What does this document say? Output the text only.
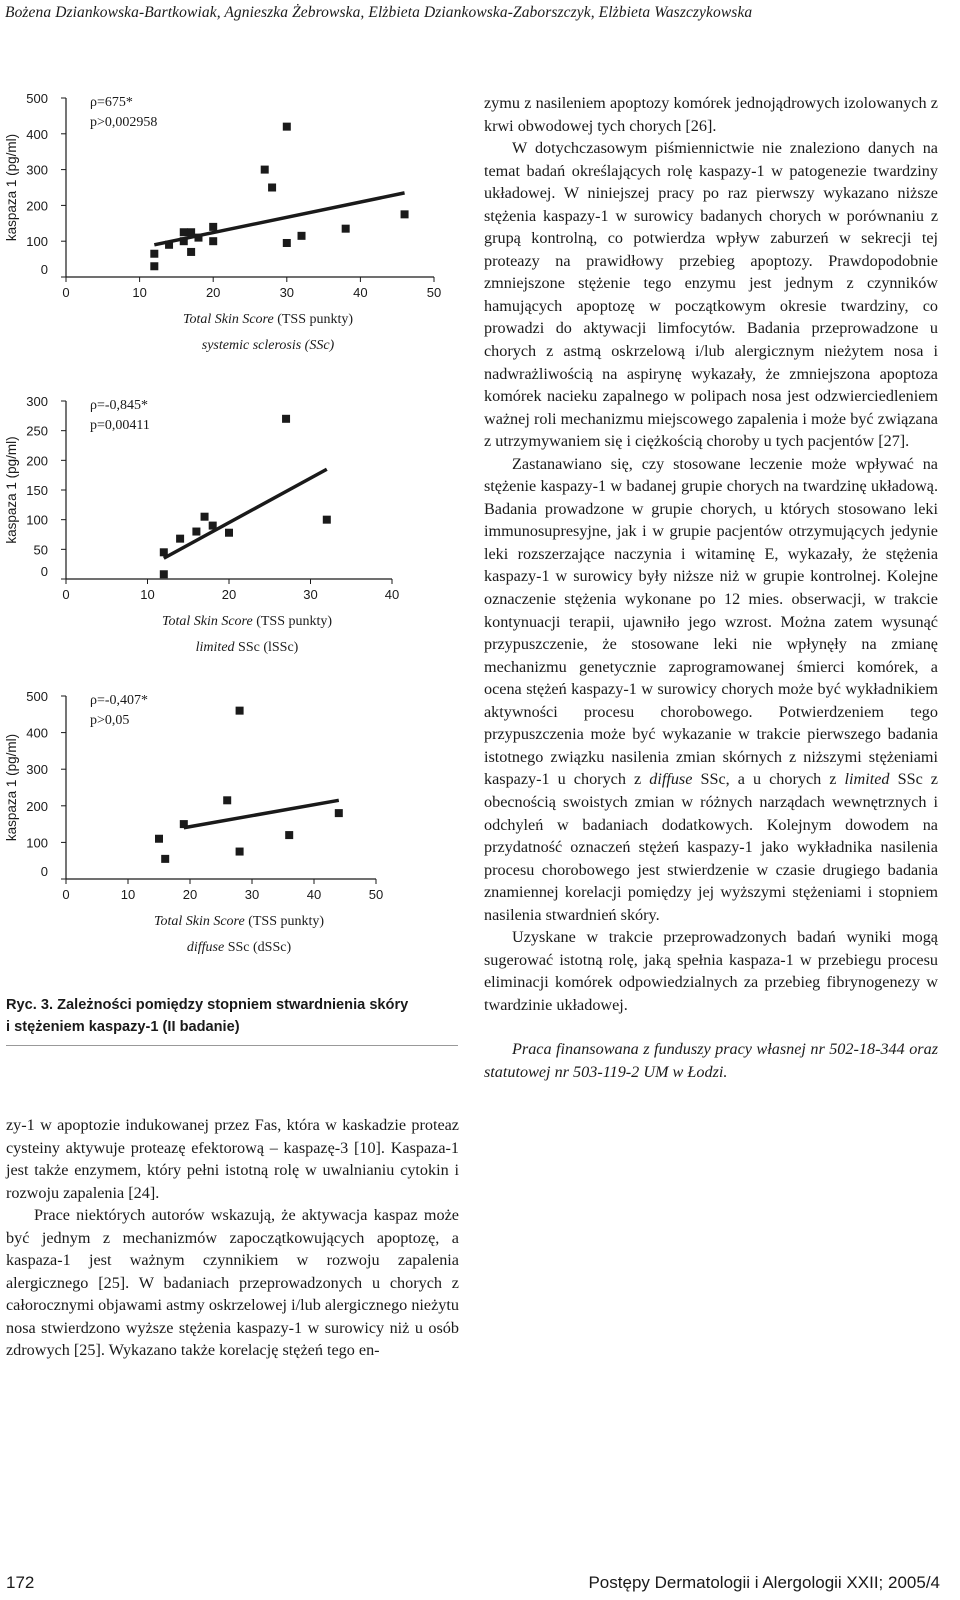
Bożena Dziankowska-Bartkowiak, Agnieszka Żebrowska, Elżbieta Dziankowska-Zaborszczyk, Elżbieta Waszczykowska
0
100
200
300
400
500
0	10	20	30	40	50
kaspaza 1 (pg/ml)
ρ=675*
p>0,002958
Total Skin Score (TSS punkty)
systemic sclerosis (SSc)
0
50
100
150
200
250
300
0	10	20	30	40
kaspaza 1 (pg/ml)
ρ=-0,845*
p=0,00411
Total Skin Score (TSS punkty)
limited SSc (lSSc)
0
100
200
300
400
500
0	10	20	30	40	50
kaspaza 1 (pg/ml)
ρ=-0,407*
p>0,05
Total Skin Score (TSS punkty)
diffuse SSc (dSSc)
Ryc. 3. Zależności pomiędzy stopniem stwardnienia skóry
i stężeniem kaspazy-1 (II badanie)

zy-1 w apoptozie indukowanej przez Fas, która w kaskadzie proteaz cysteiny aktywuje proteazę efektorową – kaspazę-3 [10]. Kaspaza-1 jest także enzymem, który pełni istotną rolę w uwalnianiu cytokin i rozwoju zapalenia [24].

Prace niektórych autorów wskazują, że aktywacja kaspaz może być jednym z mechanizmów zapoczątkowujących apoptozę, a kaspaza-1 jest ważnym czynnikiem w rozwoju zapalenia alergicznego [25]. W badaniach przeprowadzonych u chorych z całorocznymi objawami astmy oskrzelowej i/lub alergicznego nieżytu nosa stwierdzono wyższe stężenia kaspazy-1 w surowicy niż u osób zdrowych [25]. Wykazano także korelację stężeń tego en-

zymu z nasileniem apoptozy komórek jednojądrowych izolowanych z krwi obwodowej tych chorych [26].

W dotychczasowym piśmiennictwie nie znaleziono danych na temat badań określających rolę kaspazy-1 w patogenezie twardziny układowej. W niniejszej pracy po raz pierwszy wykazano niższe stężenia kaspazy-1 w surowicy badanych chorych w porównaniu z grupą kontrolną, co potwierdza wpływ zaburzeń w sekrecji tej proteazy na prawidłowy przebieg apoptozy. Prawdopodobnie zmniejszone stężenie tego enzymu jest jednym z czynników hamujących apoptozę w początkowym okresie twardziny, co prowadzi do aktywacji limfocytów. Badania przeprowadzone u chorych z astmą oskrzelową i/lub alergicznym nieżytem nosa i nadwrażliwością na aspirynę wykazały, że zmniejszona apoptoza komórek nacieku zapalnego w polipach nosa jest odzwierciedleniem ważnej roli mechanizmu miejscowego zapalenia i może być związana z utrzymywaniem się i ciężkością choroby u tych pacjentów [27].

Zastanawiano się, czy stosowane leczenie może wpływać na stężenie kaspazy-1 w badanej grupie chorych na twardzinę układową. Badania prowadzone w grupie chorych, u których stosowano leki immunosupresyjne, jak i w grupie pacjentów otrzymujących jedynie leki rozszerzające naczynia i witaminę E, wykazały, że stężenia kaspazy-1 w surowicy były niższe niż w grupie kontrolnej. Kolejne oznaczenie stężenia wykonane po 12 mies. obserwacji, w trakcie kontynuacji terapii, ujawniło jego wzrost. Można zatem wysunąć przypuszczenie, że stosowane leki nie wpłynęły na zmianę mechanizmu genetycznie zaprogramowanej śmierci komórek, a ocena stężeń kaspazy-1 w surowicy chorych może być wykładnikiem aktywności procesu chorobowego. Potwierdzeniem tego przypuszczenia może być wykazanie w trakcie pierwszego badania istotnego związku nasilenia zmian skórnych z niższymi stężeniami kaspazy-1 u chorych z diffuse SSc, a u chorych z limited SSc z obecnością swoistych zmian w różnych narządach wewnętrznych i odchyleń w badaniach dodatkowych. Kolejnym dowodem na przydatność oznaczeń stężeń kaspazy-1 jako wykładnika nasilenia procesu chorobowego jest stwierdzenie w czasie drugiego badania znamiennej korelacji pomiędzy jej wyższymi stężeniami i stopniem nasilenia stwardnień skóry.

Uzyskane w trakcie przeprowadzonych badań wyniki mogą sugerować istotną rolę, jaką spełnia kaspaza-1 w przebiegu procesu eliminacji komórek odpowiedzialnych za przebieg fibrynogenezy w twardzinie układowej.

Praca finansowana z funduszy pracy własnej nr 502-18-344 oraz statutowej nr 503-119-2 UM w Łodzi.

172	Postępy Dermatologii i Alergologii XXII; 2005/4
